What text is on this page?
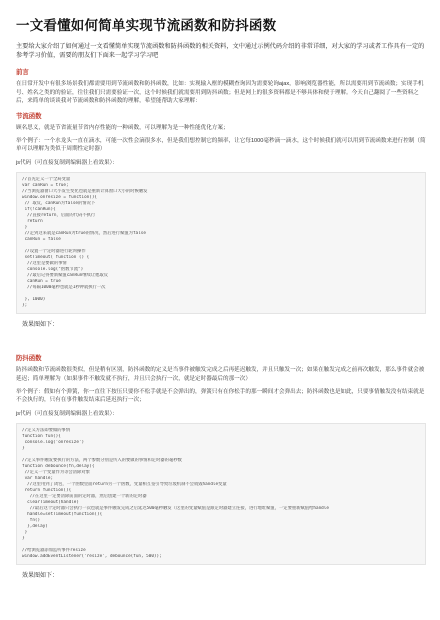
一文看懂如何简单实现节流函数和防抖函数
主要给大家介绍了如何通过一文看懂简单实现节流函数和防抖函数的相关资料，文中通过示例代码介绍的非常详细，对大家的学习或者工作具有一定的参考学习价值，需要的朋友们下面来一起学习学习吧
前言
在日常开发中有很多场景我们都需要用到节流函数和防抖函数，比如：实现输入框的模糊查询因为需要轮询ajax，影响浏览器性能，所以需要用到节流函数；实现手机号、姓名之类的的验证，往往我们只需要验证一次，这个时候我们就需要用到防抖函数；但是网上的很多资料都是不够具体和便于理解。今天自己翻阅了一些资料之后，来简单的谈谈我对节流函数和防抖函数的理解，希望能帮助大家理解：
节流函数
顾名思义，就是节省流量节省内存性能的一种函数，可以理解为是一种性能优化方案；
举个例子：一个水龙头一直在滴水，可能一次性会滴很多水，但是我们想控制它的频率，让它每1000毫秒滴一滴水，这个时候我们就可以用到节流函数来进行控制（简单可以理解为类似于周期性定时器）
js代码（可直接复制到编辑器上看效果）：
//首先定义一个全局变量
var canRun = true;
//当浏览器窗口大小发生变化也就是重新计算窗口大小的时候触发
window.onresize = function(){
// 取反，canRun为false的情况下
if(!canRun){
//直接return，后面的代码不执行
return
}
//走到这来就是canRun为true的情况，然后进行赋值为false
canRun = false

//设置一个定时器进行轮询操作
setTimeout( function () {
//这里是要做的事情
console.log("函数节流")
//最后记得要新赋值canRun继续让他取反
canRun = true
//每隔1000毫秒也就是1秒钟就执行一次

}, 1000)
};
效果图如下：
防抖函数
防抖函数和节流函数很类似，但是稍有区别，防抖函数的定义是当事件被触发完成之后再延迟触发，并且只触发一次；如果在触发完成之前再次触发，那么事件就会被延迟；简单理解为（如果事件不触发就不执行，并且只会执行一次，就是定时器最后的那一次）
举个例子：假如有个弹簧，你一直往下按压只要你不松手就是不会弹出的，弹簧只有在你松手的那一瞬间才会弹出去；防抖函数也是如此，只要事情触发没有结束就是不会执行的，只有在事件触发结束后延迟执行一次；
js代码（可直接复制到编辑器上看效果）：
//定义方法即要做的事情
function fun(){
console.log('onresize')
}

//定义事件触发要执行的方法，两个参数分别是传入的要做的事情和定时器的毫秒数
function debounce(fn,delay){
//定义一个变量作为等会清除对象
var handle;
//这里用到了闭包，一个函数里面return另一个函数，变量相互签引导致垃圾机制不会销毁handle变量
return function(){
//在这里一定要清除前面的定时器，然后创建一个新的定时器
clearTimeout(handle)
//最后这个定时器只会执行一次也就是事件触发完成之后延迟500毫秒触发（这里的变量赋值是跟定时器建立连接，进行地址赋值，一定要重新赋值给handle
handle=setTimeout(function(){
fn()
},delay)
}
}

//给浏览器添加监听事件resize
window.addEventListener('resize', debounce(fun, 500));
效果图如下：
